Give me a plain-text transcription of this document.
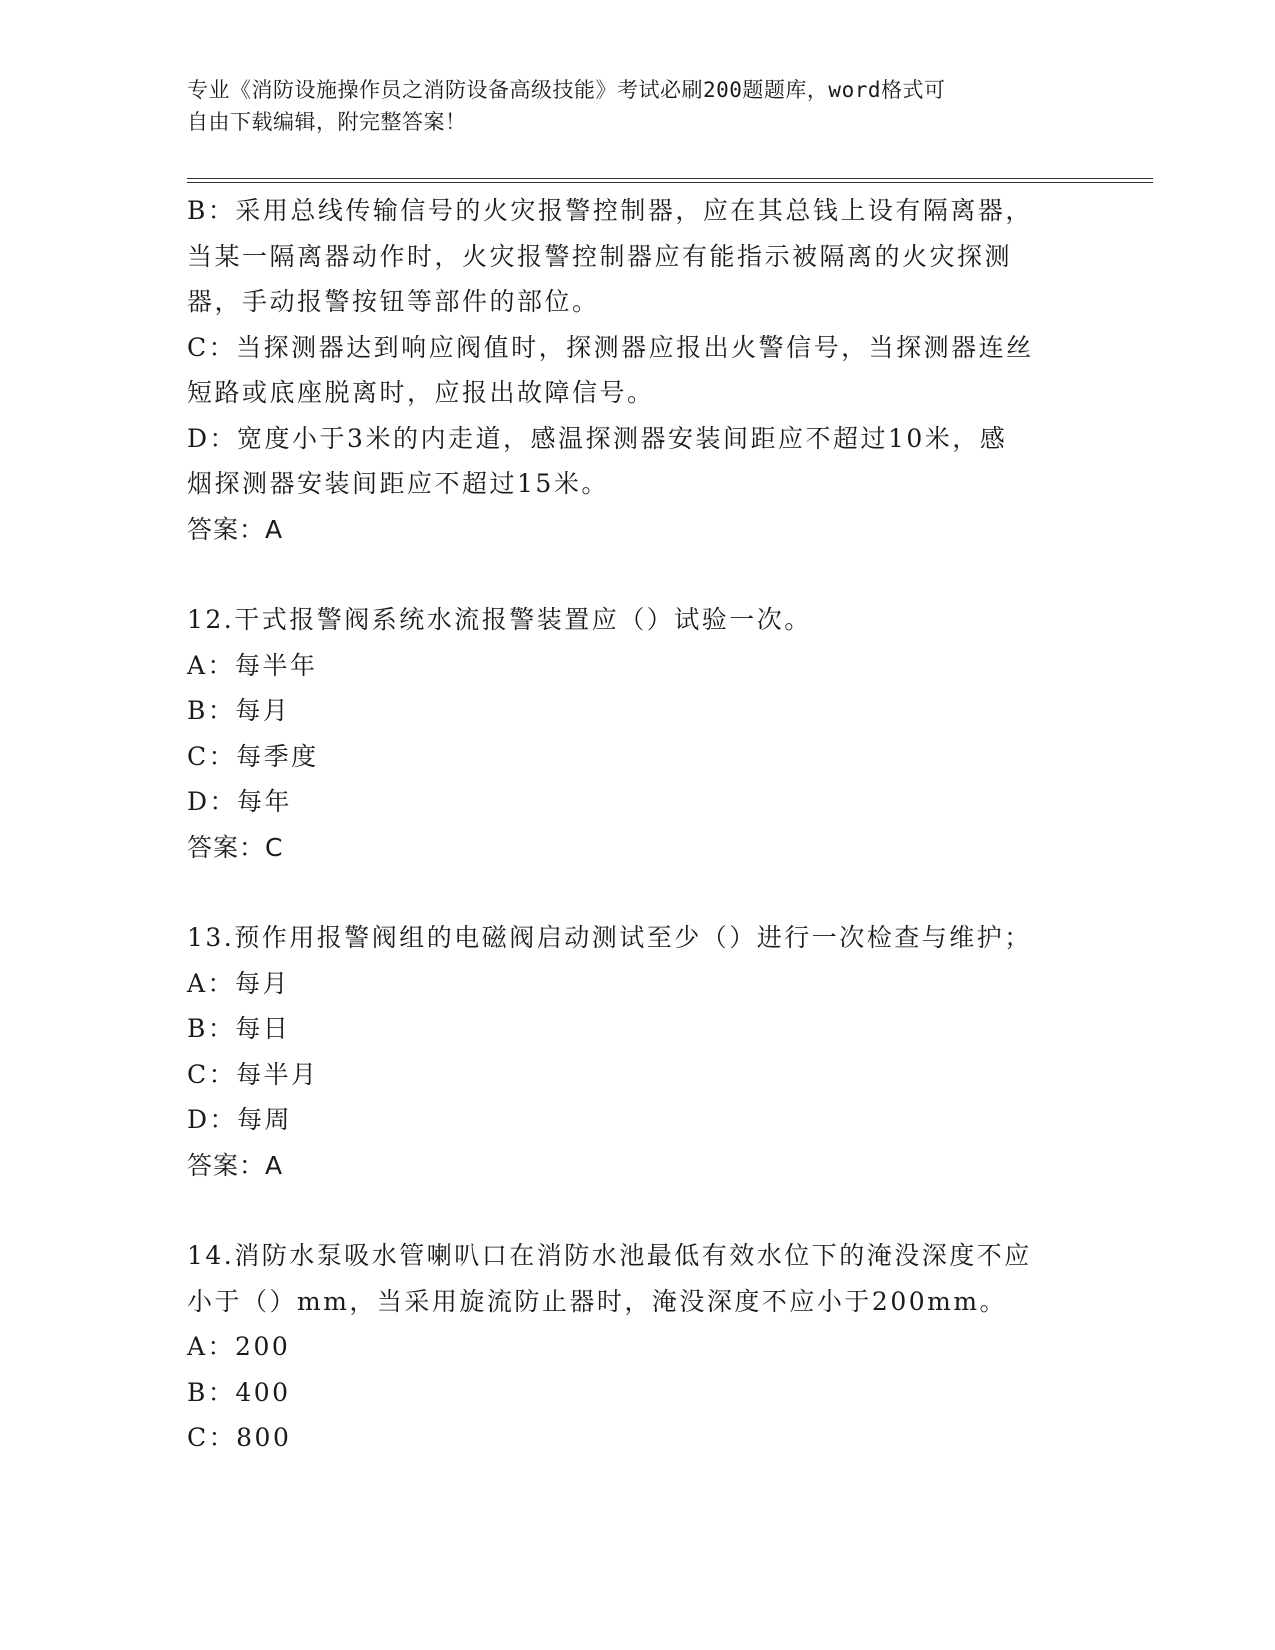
专业《消防设施操作员之消防设备高级技能》考试必刷200题题库，word格式可
自由下载编辑，附完整答案！
B：采用总线传输信号的火灾报警控制器，应在其总钱上设有隔离器，
当某一隔离器动作时，火灾报警控制器应有能指示被隔离的火灾探测
器，手动报警按钮等部件的部位。
C：当探测器达到响应阀值时，探测器应报出火警信号，当探测器连丝
短路或底座脱离时，应报出故障信号。
D：宽度小于3米的内走道，感温探测器安装间距应不超过10米，感
烟探测器安装间距应不超过15米。
答案：A
12.干式报警阀系统水流报警装置应（）试验一次。
A：每半年
B：每月
C：每季度
D：每年
答案：C
13.预作用报警阀组的电磁阀启动测试至少（）进行一次检查与维护；
A：每月
B：每日
C：每半月
D：每周
答案：A
14.消防水泵吸水管喇叭口在消防水池最低有效水位下的淹没深度不应
小于（）mm，当采用旋流防止器时，淹没深度不应小于200mm。
A：200
B：400
C：800
